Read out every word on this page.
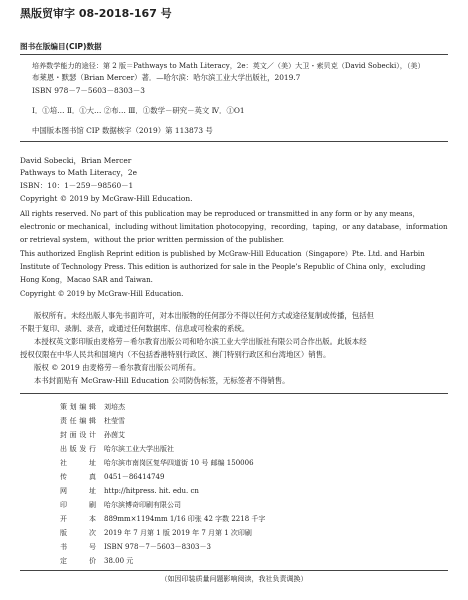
黑版贸审字 08-2018-167 号
图书在版编目(CIP)数据
培养数学能力的途径：第 2 版＝Pathways to Math Literacy，2e：英文／（美）大卫・索贝克（David Sobecki），（美）
布莱恩・默瑟（Brian Mercer）著．—哈尔滨：哈尔滨工业大学出版社，2019.7
ISBN 978－7－5603－8303－3
Ⅰ．①培… Ⅱ．①大… ②布… Ⅲ．①数学－研究－英文 Ⅳ．①O1
中国版本图书馆 CIP 数据核字（2019）第 113873 号
David Sobecki，Brian Mercer
Pathways to Math Literacy，2e
ISBN：10：1－259－98560－1
Copyright © 2019 by McGraw-Hill Education.
All rights reserved. No part of this publication may be reproduced or transmitted in any form or by any means，
electronic or mechanical，including without limitation photocopying，recording，taping，or any database，information
or retrieval system，without the prior written permission of the publisher.
This authorized English Reprint edition is published by McGraw-Hill Education（Singapore）Pte. Ltd. and Harbin
Institute of Technology Press. This edition is authorized for sale in the People’s Republic of China only，excluding
Hong Kong，Macao SAR and Taiwan.
Copyright © 2019 by McGraw-Hill Education.
版权所有。未经出版人事先书面许可，对本出版物的任何部分不得以任何方式或途径复制或传播，包括但
不限于复印、录制、录音，或通过任何数据库、信息或可检索的系统。
本授权英文影印版由麦格劳－希尔教育出版公司和哈尔滨工业大学出版社有限公司合作出版。此版本经
授权仅限在中华人民共和国境内（不包括香港特别行政区、澳门特别行政区和台湾地区）销售。
版权 © 2019 由麦格劳－希尔教育出版公司所有。
本书封面贴有 McGraw-Hill Education 公司防伪标签，无标签者不得销售。
策划编辑 刘培杰
责任编辑 杜莹雪
封面设计 孙茵艾
出版发行 哈尔滨工业大学出版社
社址 哈尔滨市南岗区复华四道街 10 号 邮编 150006
传真 0451－86414749
网址 http://hitpress. hit. edu. cn
印刷 哈尔滨博奇印刷有限公司
开本 889mm×1194mm 1/16 印张 42 字数 2218 千字
版次 2019 年 7 月第 1 版 2019 年 7 月第 1 次印刷
书号 ISBN 978－7－5603－8303－3
定价 38.00 元
（如因印装质量问题影响阅读，我社负责调换）
